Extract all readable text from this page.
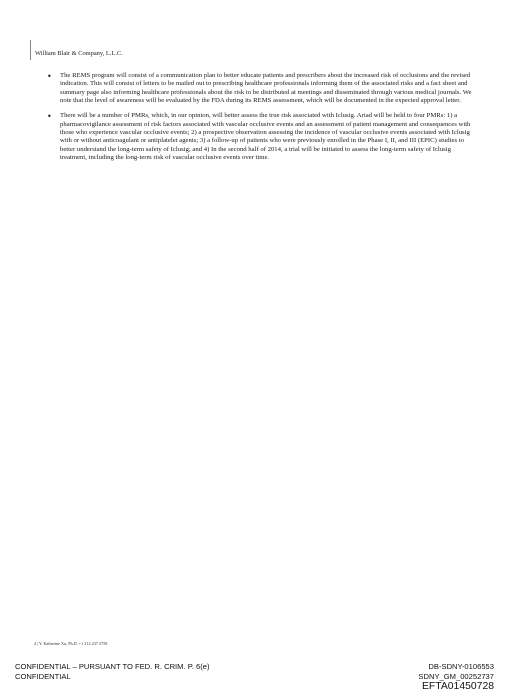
William Blair & Company, L.L.C.
• The REMS program will consist of a communication plan to better educate patients and prescribers about the increased risk of occlusions and the revised indication. This will consist of letters to be mailed out to prescribing healthcare professionals informing them of the associated risks and a fact sheet and summary page also informing healthcare professionals about the risk to be distributed at meetings and disseminated through various medical journals. We note that the level of awareness will be evaluated by the FDA during its REMS assessment, which will be documented in the expected approval letter.
• There will be a number of PMRs, which, in our opinion, will better assess the true risk associated with Iclusig. Ariad will be held to four PMRs: 1) a pharmacovigilance assessment of risk factors associated with vascular occlusive events and an assessment of patient management and consequences with those who experience vascular occlusive events; 2) a prospective observation assessing the incidence of vascular occlusive events associated with Iclusig with or without anticoagulant or antiplatelet agents; 3) a follow-up of patients who were previously enrolled in the Phase I, II, and III (EPIC) studies to better understand the long-term safety of Iclusig; and 4) In the second half of 2014, a trial will be initiated to assess the long-term safety of Iclusig treatment, including the long-term risk of vascular occlusive events over time.
4 | Y. Katherine Xu, Ph.D. +1 212 237 2758
CONFIDENTIAL – PURSUANT TO FED. R. CRIM. P. 6(e)
CONFIDENTIAL
DB-SDNY-0106553
SDNY_GM_00252737
EFTA01450728
